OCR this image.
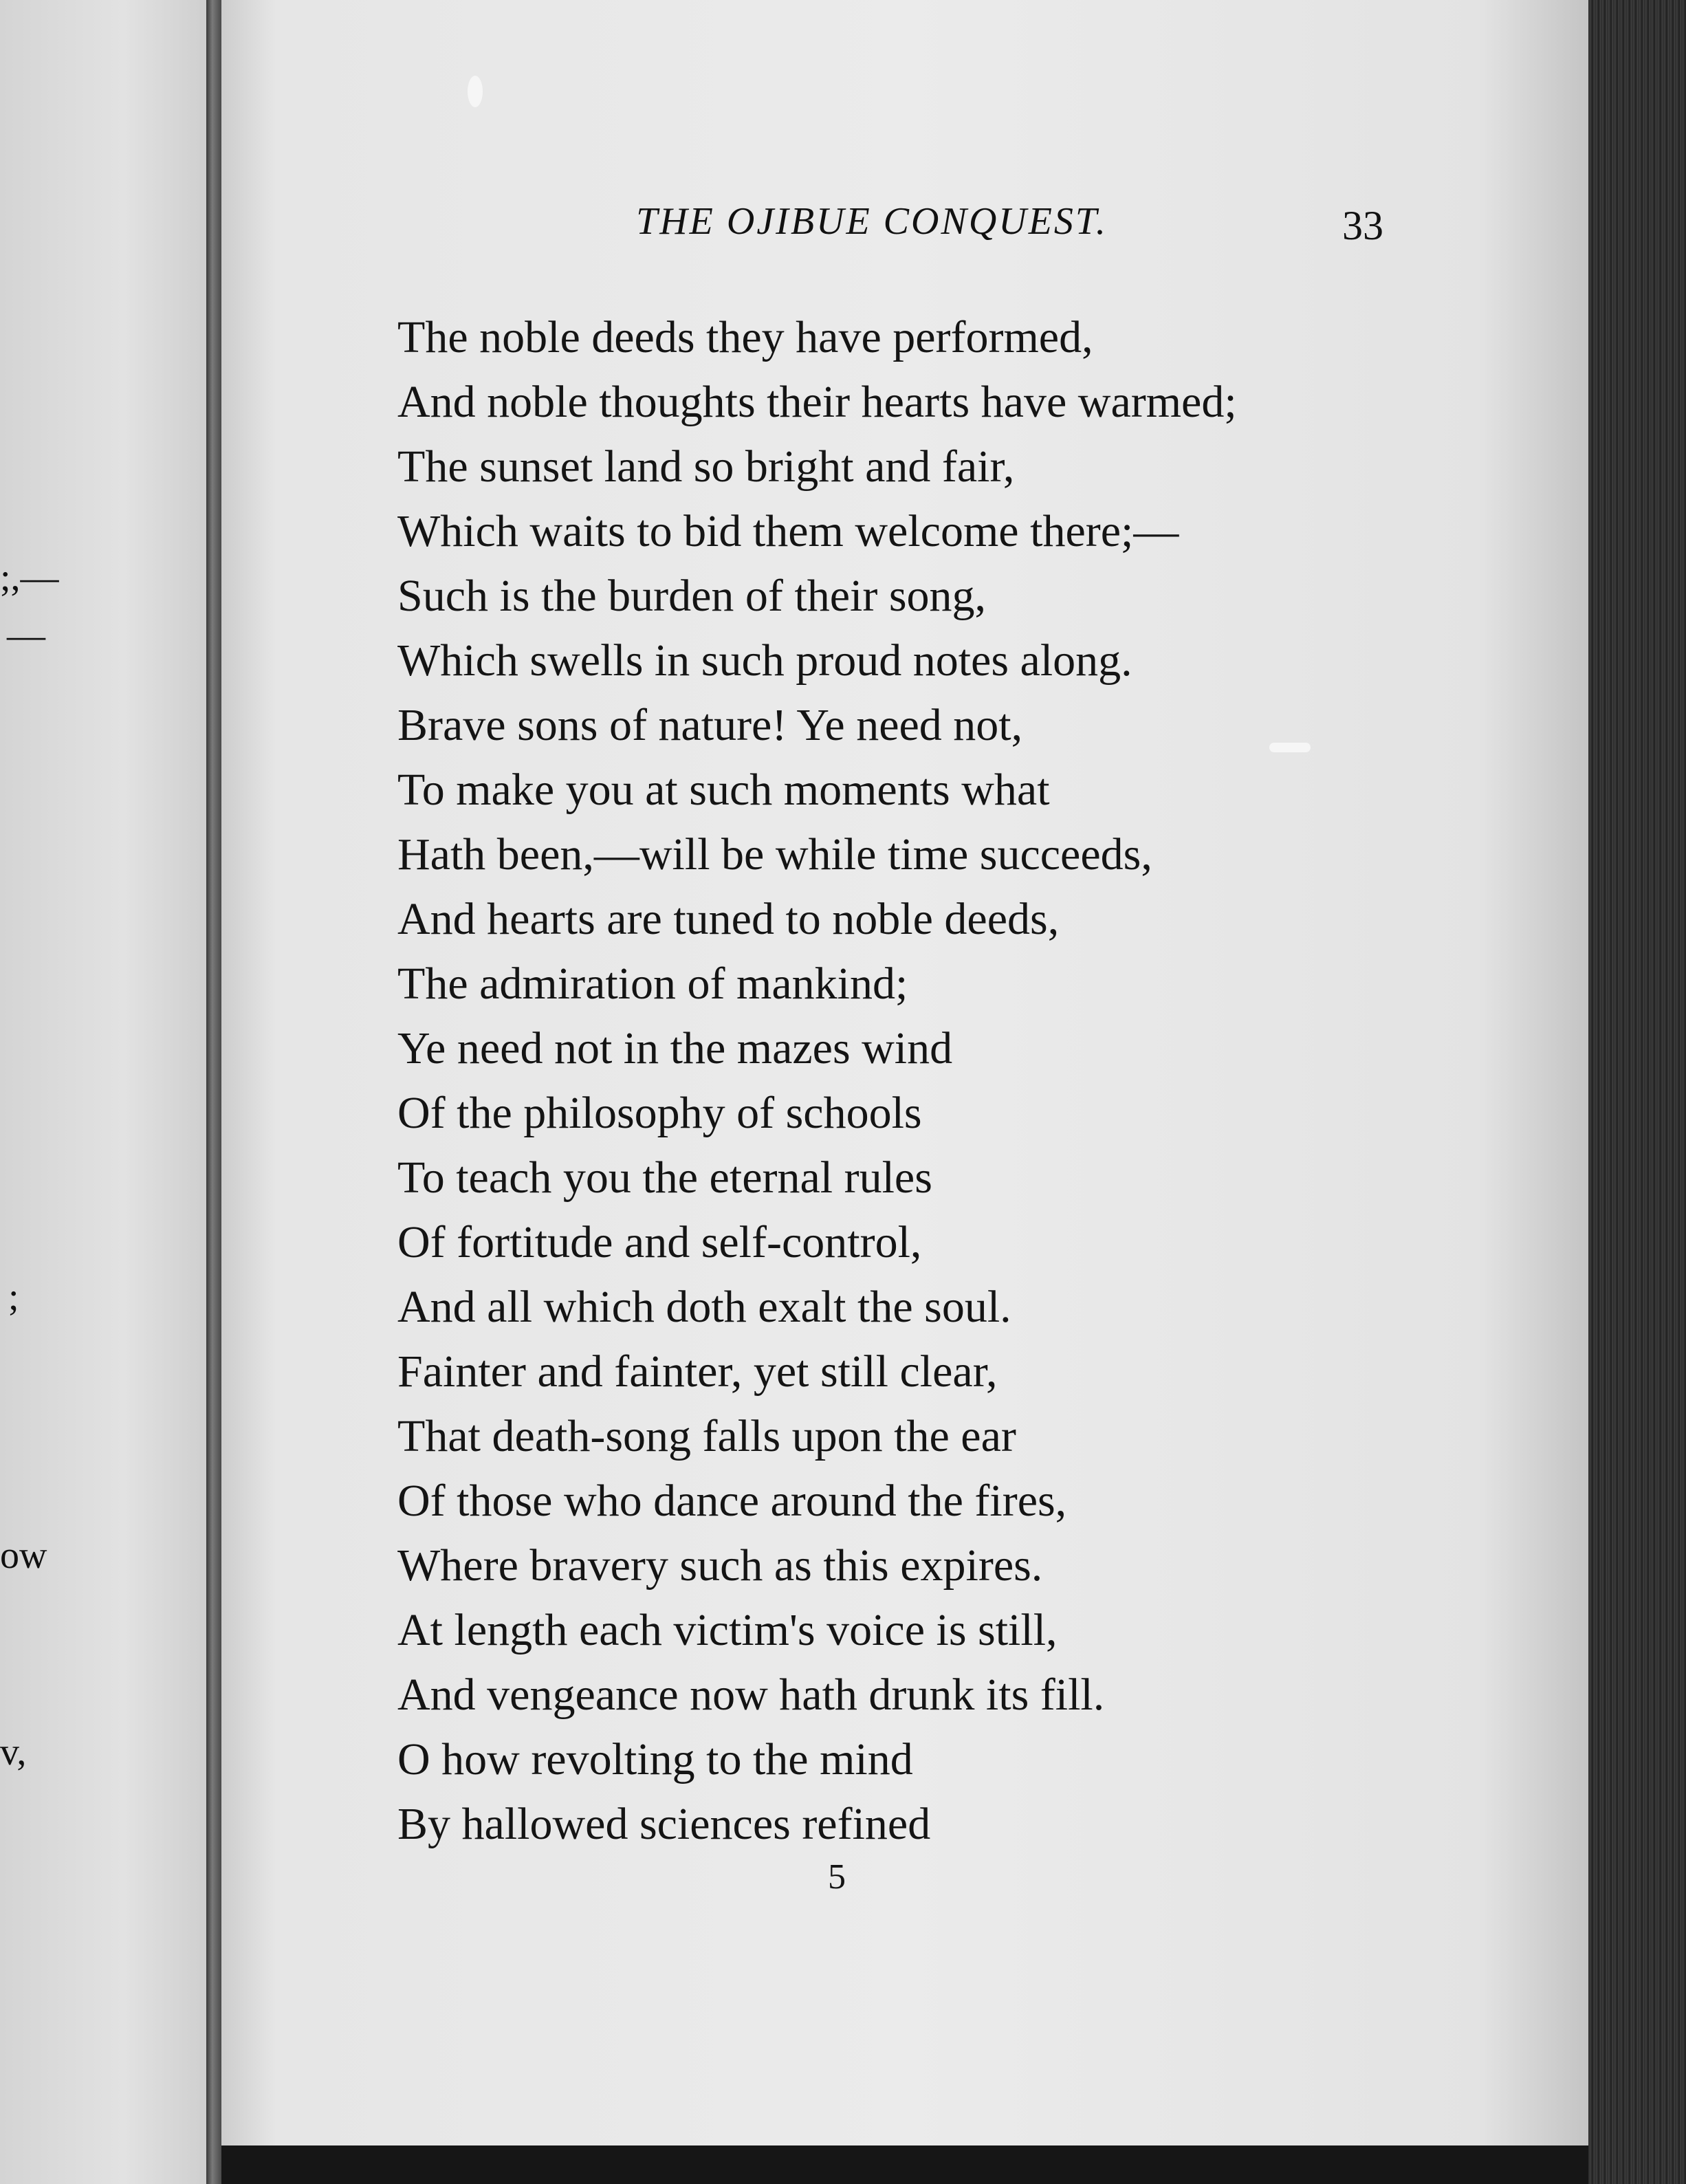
;,—
—
;
ow
v,
THE OJIBUE CONQUEST.	33
The noble deeds they have performed,
And noble thoughts their hearts have warmed;
The sunset land so bright and fair,
Which waits to bid them welcome there;—
Such is the burden of their song,
Which swells in such proud notes along.
Brave sons of nature! Ye need not,
To make you at such moments what
Hath been,—will be while time succeeds,
And hearts are tuned to noble deeds,
The admiration of mankind;
Ye need not in the mazes wind
Of the philosophy of schools
To teach you the eternal rules
Of fortitude and self-control,
And all which doth exalt the soul.
Fainter and fainter, yet still clear,
That death-song falls upon the ear
Of those who dance around the fires,
Where bravery such as this expires.
At length each victim's voice is still,
And vengeance now hath drunk its fill.
O how revolting to the mind
By hallowed sciences refined
5
